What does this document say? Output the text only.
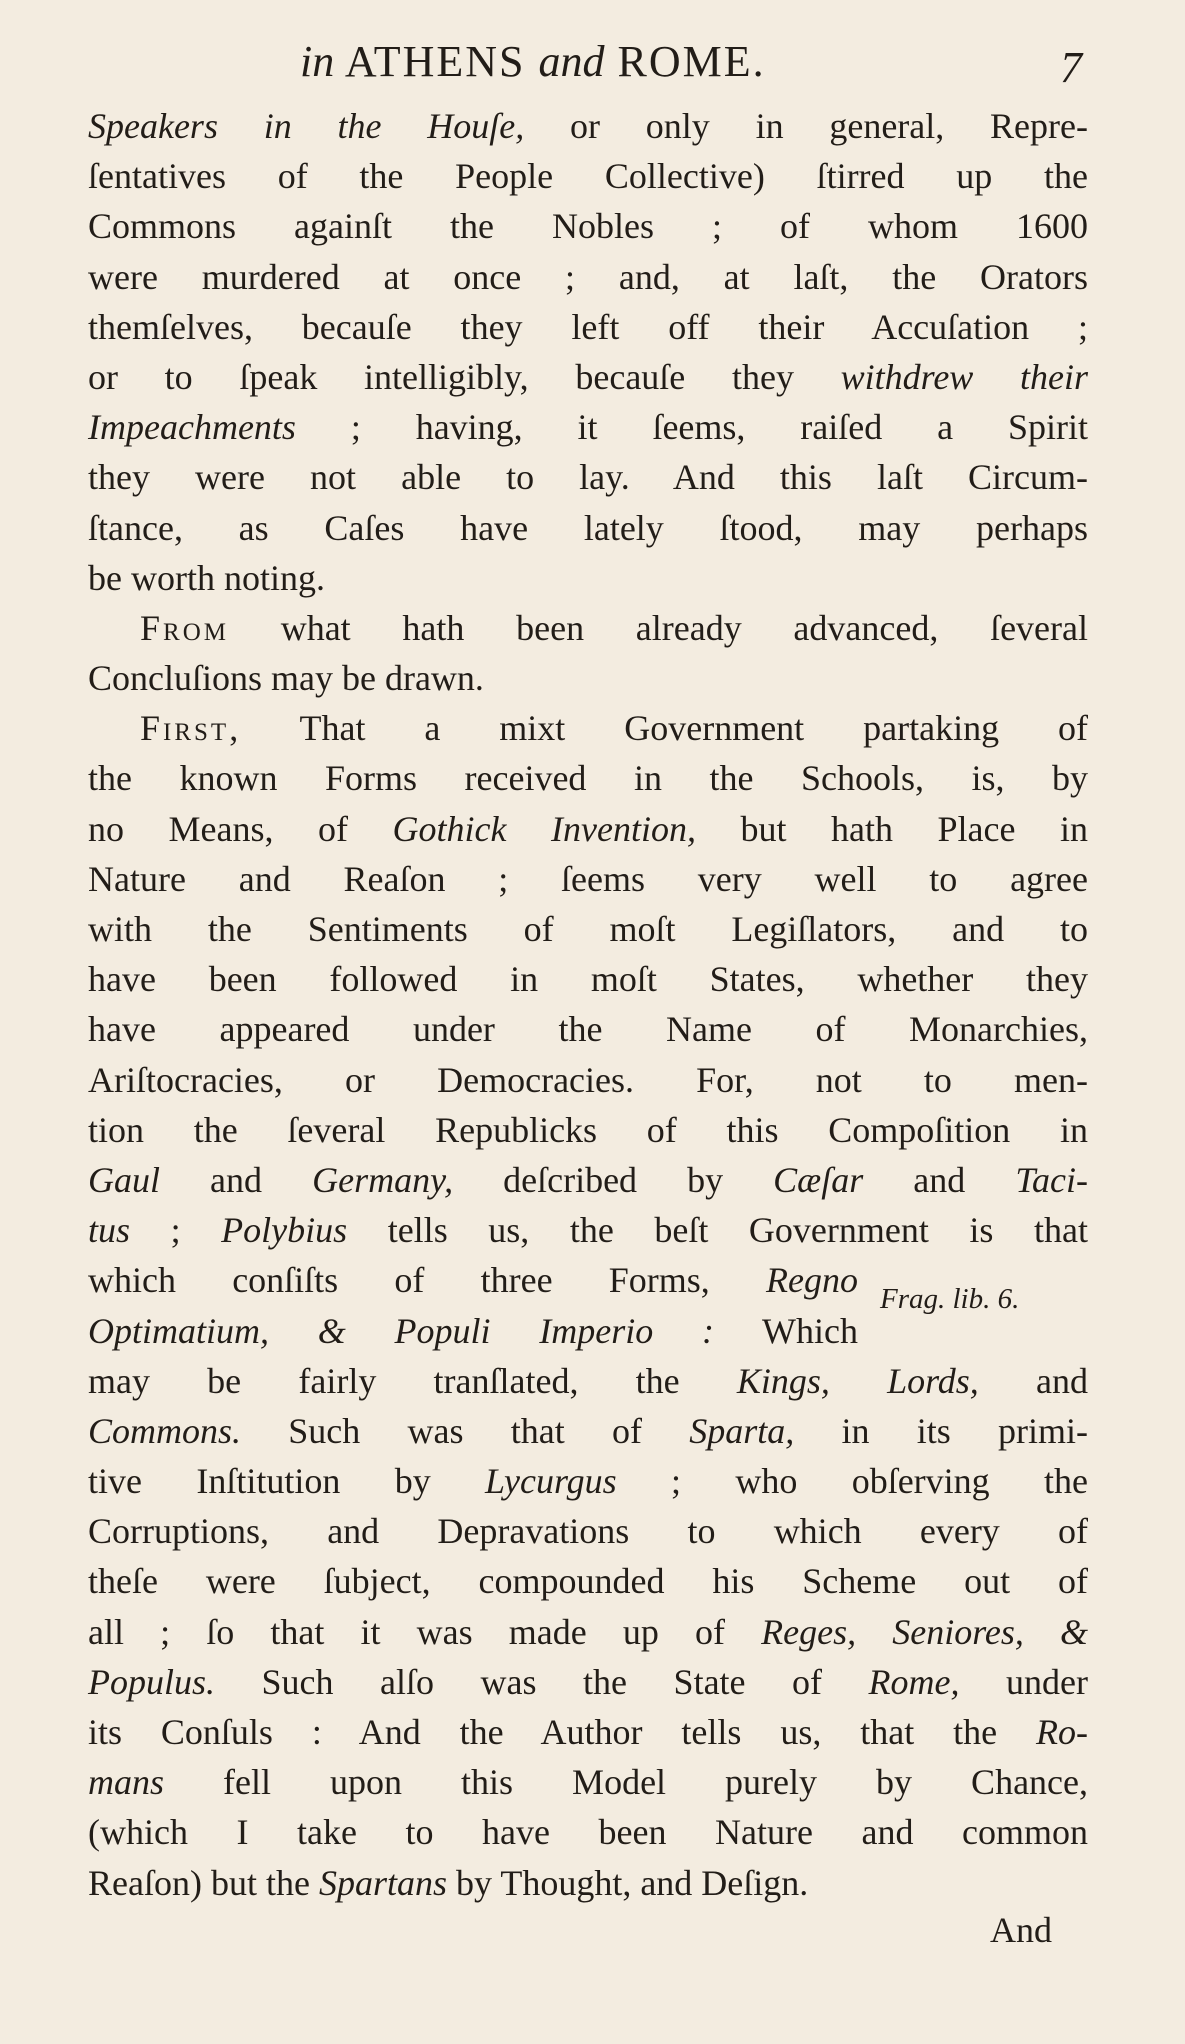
in ATHENS and ROME.	7
Speakers in the Houſe, or only in general, Repre-
ſentatives of the People Collective) ſtirred up the
Commons againſt the Nobles ; of whom 1600
were murdered at once ; and, at laſt, the Orators
themſelves, becauſe they left off their Accuſation ;
or to ſpeak intelligibly, becauſe they withdrew their
Impeachments ; having, it ſeems, raiſed a Spirit
they were not able to lay. And this laſt Circum-
ſtance, as Caſes have lately ſtood, may perhaps
be worth noting.
From what hath been already advanced, ſeveral
Concluſions may be drawn.
First, That a mixt Government partaking of
the known Forms received in the Schools, is, by
no Means, of Gothick Invention, but hath Place in
Nature and Reaſon ; ſeems very well to agree
with the Sentiments of moſt Legiſlators, and to
have been followed in moſt States, whether they
have appeared under the Name of Monarchies,
Ariſtocracies, or Democracies. For, not to men-
tion the ſeveral Republicks of this Compoſition in
Gaul and Germany, deſcribed by Cæſar and Taci-
tus ; Polybius tells us, the beſt Government is that
which conſiſts of three Forms, Regno
Optimatium, & Populi Imperio : Which
may be fairly tranſlated, the Kings, Lords, and
Commons. Such was that of Sparta, in its primi-
tive Inſtitution by Lycurgus ; who obſerving the
Corruptions, and Depravations to which every of
theſe were ſubject, compounded his Scheme out of
all ; ſo that it was made up of Reges, Seniores, &
Populus. Such alſo was the State of Rome, under
its Conſuls : And the Author tells us, that the Ro-
mans fell upon this Model purely by Chance,
(which I take to have been Nature and common
Reaſon) but the Spartans by Thought, and Deſign.
Frag. lib. 6.
And
